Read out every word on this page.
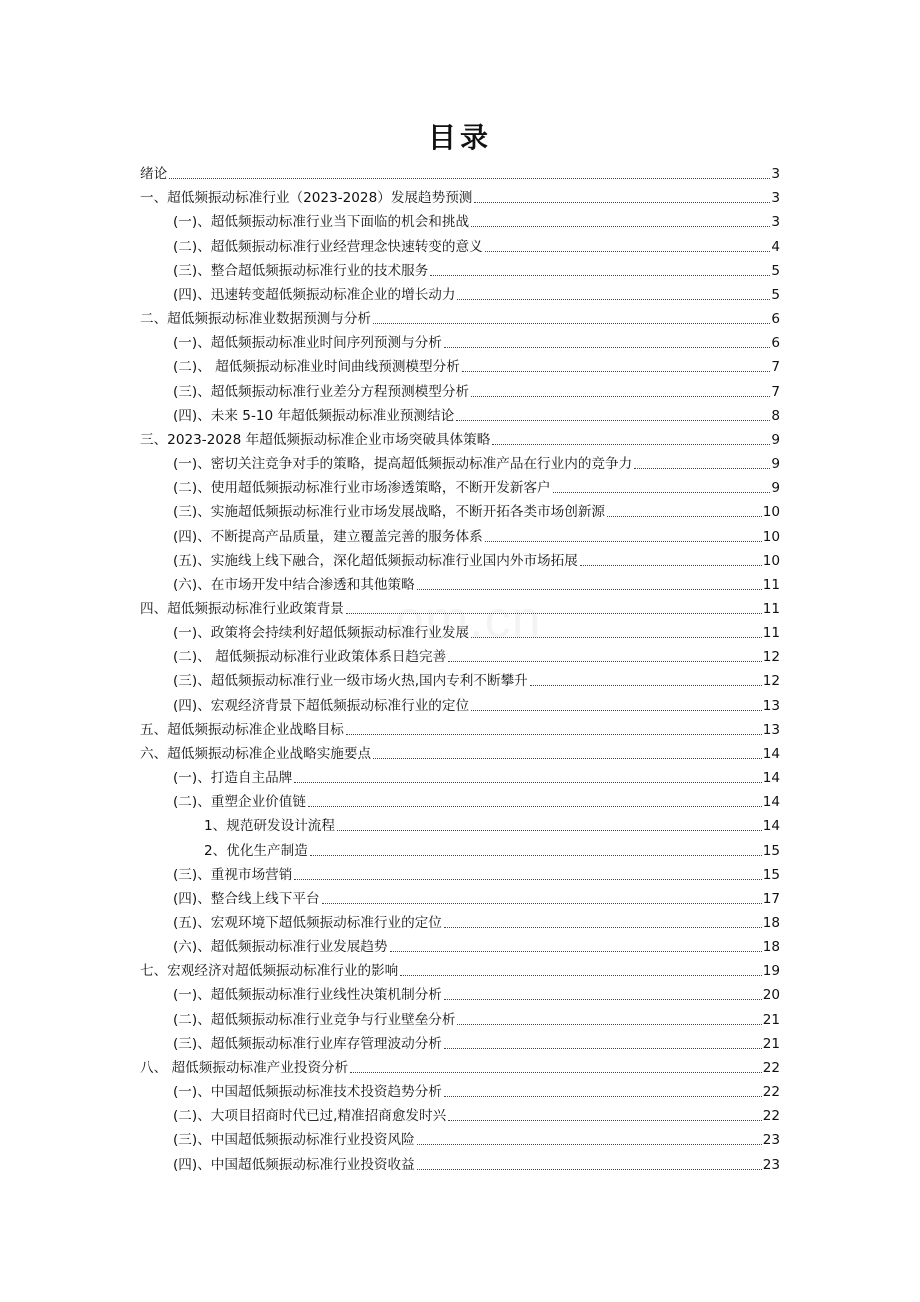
目录
绪论	3
一、超低频振动标准行业（2023-2028）发展趋势预测	3
(一)、超低频振动标准行业当下面临的机会和挑战	3
(二)、超低频振动标准行业经营理念快速转变的意义	4
(三)、整合超低频振动标准行业的技术服务	5
(四)、迅速转变超低频振动标准企业的增长动力	5
二、超低频振动标准业数据预测与分析	6
(一)、超低频振动标准业时间序列预测与分析	6
(二)、 超低频振动标准业时间曲线预测模型分析	7
(三)、超低频振动标准行业差分方程预测模型分析	7
(四)、未来 5-10 年超低频振动标准业预测结论	8
三、2023-2028 年超低频振动标准企业市场突破具体策略	9
(一)、密切关注竞争对手的策略，提高超低频振动标准产品在行业内的竞争力	9
(二)、使用超低频振动标准行业市场渗透策略，不断开发新客户	9
(三)、实施超低频振动标准行业市场发展战略，不断开拓各类市场创新源	10
(四)、不断提高产品质量，建立覆盖完善的服务体系	10
(五)、实施线上线下融合，深化超低频振动标准行业国内外市场拓展	10
(六)、在市场开发中结合渗透和其他策略	11
四、超低频振动标准行业政策背景	11
(一)、政策将会持续利好超低频振动标准行业发展	11
(二)、 超低频振动标准行业政策体系日趋完善	12
(三)、超低频振动标准行业一级市场火热,国内专利不断攀升	12
(四)、宏观经济背景下超低频振动标准行业的定位	13
五、超低频振动标准企业战略目标	13
六、超低频振动标准企业战略实施要点	14
(一)、打造自主品牌	14
(二)、重塑企业价值链	14
1、规范研发设计流程	14
2、优化生产制造	15
(三)、重视市场营销	15
(四)、整合线上线下平台	17
(五)、宏观环境下超低频振动标准行业的定位	18
(六)、超低频振动标准行业发展趋势	18
七、宏观经济对超低频振动标准行业的影响	19
(一)、超低频振动标准行业线性决策机制分析	20
(二)、超低频振动标准行业竞争与行业壁垒分析	21
(三)、超低频振动标准行业库存管理波动分析	21
八、 超低频振动标准产业投资分析	22
(一)、中国超低频振动标准技术投资趋势分析	22
(二)、大项目招商时代已过,精准招商愈发时兴	22
(三)、中国超低频振动标准行业投资风险	23
(四)、中国超低频振动标准行业投资收益	23
